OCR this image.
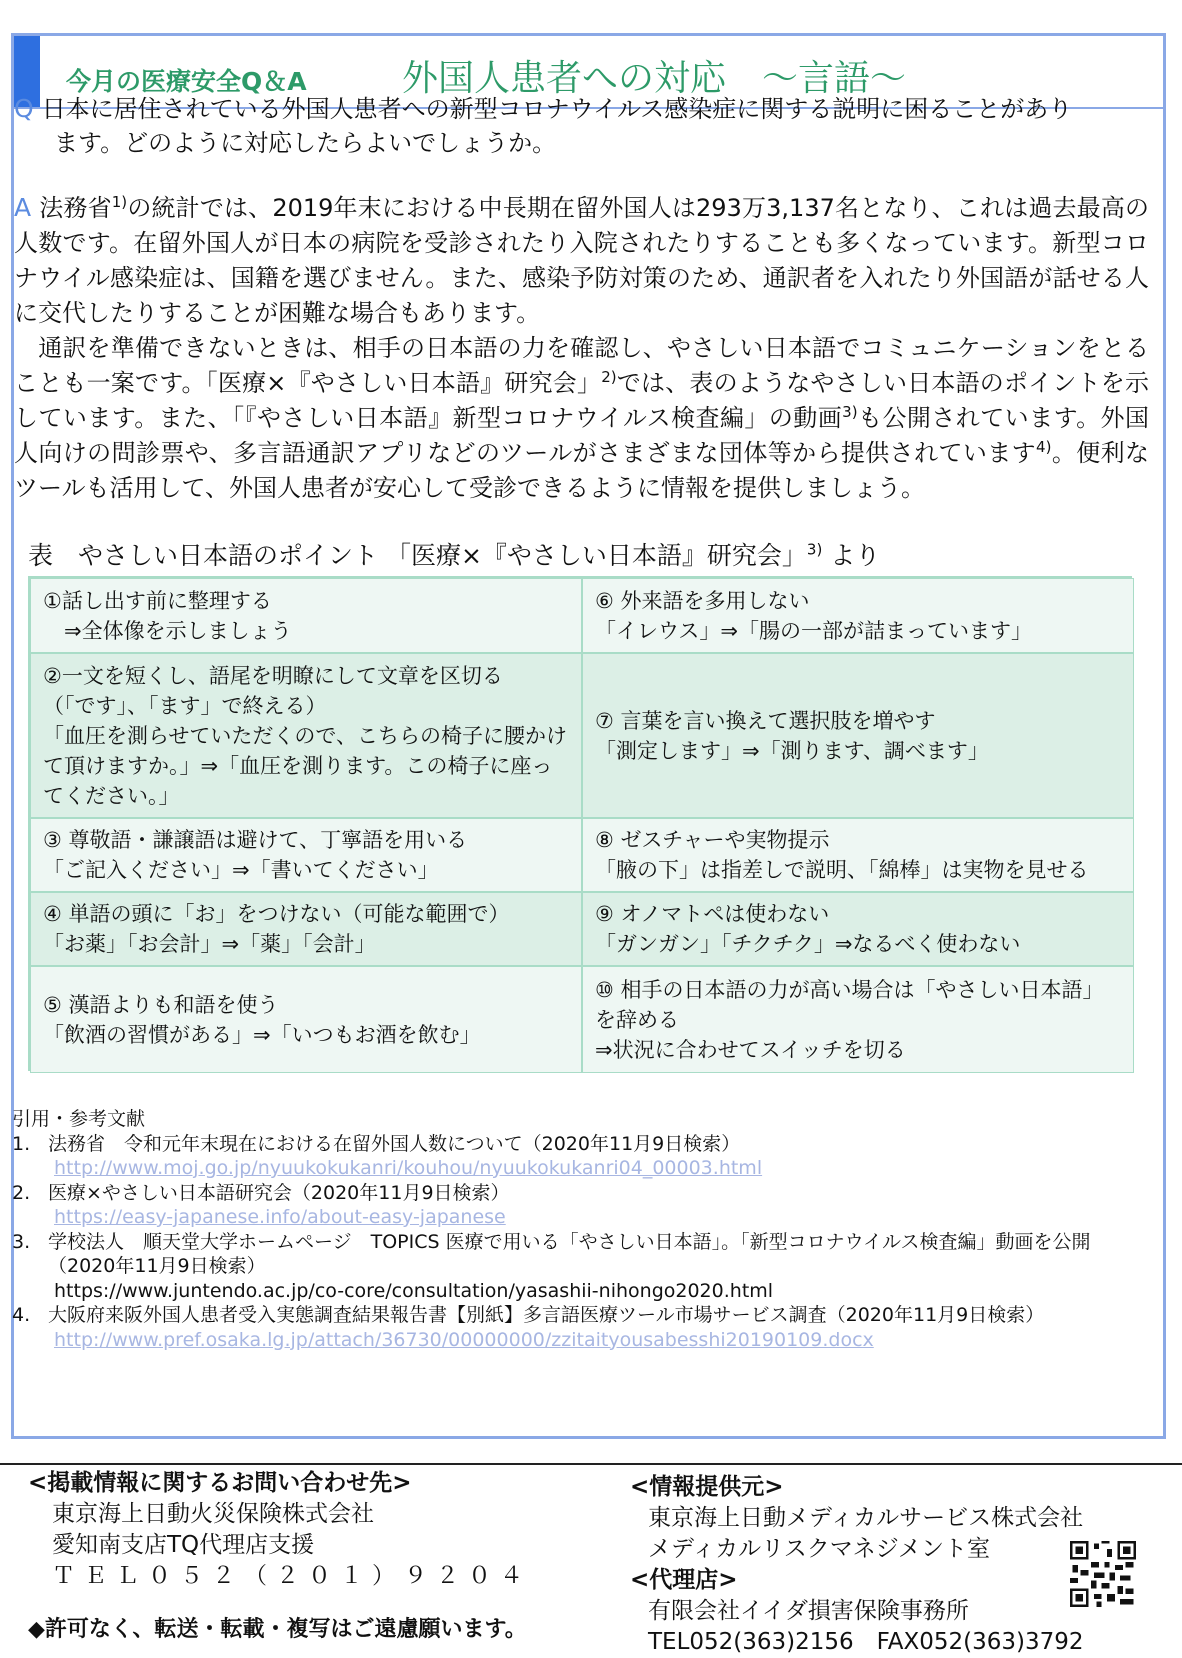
今月の医療安全Q＆A	外国人患者への対応　～言語～
Q 日本に居住されている外国人患者への新型コロナウイルス感染症に関する説明に困ることがあり
ます。どのように対応したらよいでしょうか。

A 法務省$^{1)}$の統計では、2019年末における中長期在留外国人は293万3,137名となり、これは過去最高の人数です。在留外国人が日本の病院を受診されたり入院されたりすることも多くなっています。新型コロナウイル感染症は、国籍を選びません。また、感染予防対策のため、通訳者を入れたり外国語が話せる人に交代したりすることが困難な場合もあります。

　通訳を準備できないときは、相手の日本語の力を確認し、やさしい日本語でコミュニケーションをとることも一案です。「医療×『やさしい日本語』研究会」$^{2)}$では、表のようなやさしい日本語のポイントを示しています。また、「『やさしい日本語』新型コロナウイルス検査編」の動画$^{3)}$も公開されています。外国人向けの問診票や、多言語通訳アプリなどのツールがさまざまな団体等から提供されています$^{4)}$。便利なツールも活用して、外国人患者が安心して受診できるように情報を提供しましょう。

表　やさしい日本語のポイント 「医療×『やさしい日本語』研究会」$^{3)}$ より
①話し出す前に整理する
　⇒全体像を示しましょう
⑥ 外来語を多用しない
「イレウス」⇒「腸の一部が詰まっています」
②一文を短くし、語尾を明瞭にして文章を区切る
（「です」、「ます」で終える）
「血圧を測らせていただくので、こちらの椅子に腰かけて頂けますか。」⇒「血圧を測ります。この椅子に座ってください。」
⑦ 言葉を言い換えて選択肢を増やす
「測定します」⇒「測ります、調べます」
③ 尊敬語・謙譲語は避けて、丁寧語を用いる
「ご記入ください」⇒「書いてください」
⑧ ゼスチャーや実物提示
「腋の下」は指差しで説明、「綿棒」は実物を見せる
④ 単語の頭に「お」をつけない（可能な範囲で）
「お薬」「お会計」⇒「薬」「会計」
⑨ オノマトペは使わない
「ガンガン」「チクチク」⇒なるべく使わない
⑤ 漢語よりも和語を使う
「飲酒の習慣がある」⇒「いつもお酒を飲む」
⑩ 相手の日本語の力が高い場合は「やさしい日本語」を辞める
⇒状況に合わせてスイッチを切る
引用・参考文献
1. 法務省　令和元年末現在における在留外国人数について（2020年11月9日検索）
http://www.moj.go.jp/nyuukokukanri/kouhou/nyuukokukanri04_00003.html
2. 医療×やさしい日本語研究会（2020年11月9日検索）
https://easy-japanese.info/about-easy-japanese
3. 学校法人　順天堂大学ホームページ　TOPICS 医療で用いる「やさしい日本語」。「新型コロナウイルス検査編」動画を公開（2020年11月9日検索）
https://www.juntendo.ac.jp/co-core/consultation/yasashii-nihongo2020.html
4. 大阪府来阪外国人患者受入実態調査結果報告書【別紙】多言語医療ツール市場サービス調査（2020年11月9日検索）
http://www.pref.osaka.lg.jp/attach/36730/00000000/zzitaityousabesshi20190109.docx
<掲載情報に関するお問い合わせ先>
東京海上日動火災保険株式会社
愛知南支店TQ代理店支援
ＴＥＬ０５２（２０１）９２０４
◆許可なく、転送・転載・複写はご遠慮願います。
<情報提供元>
東京海上日動メディカルサービス株式会社
メディカルリスクマネジメント室
<代理店>
有限会社イイダ損害保険事務所
TEL052(363)2156　FAX052(363)3792
